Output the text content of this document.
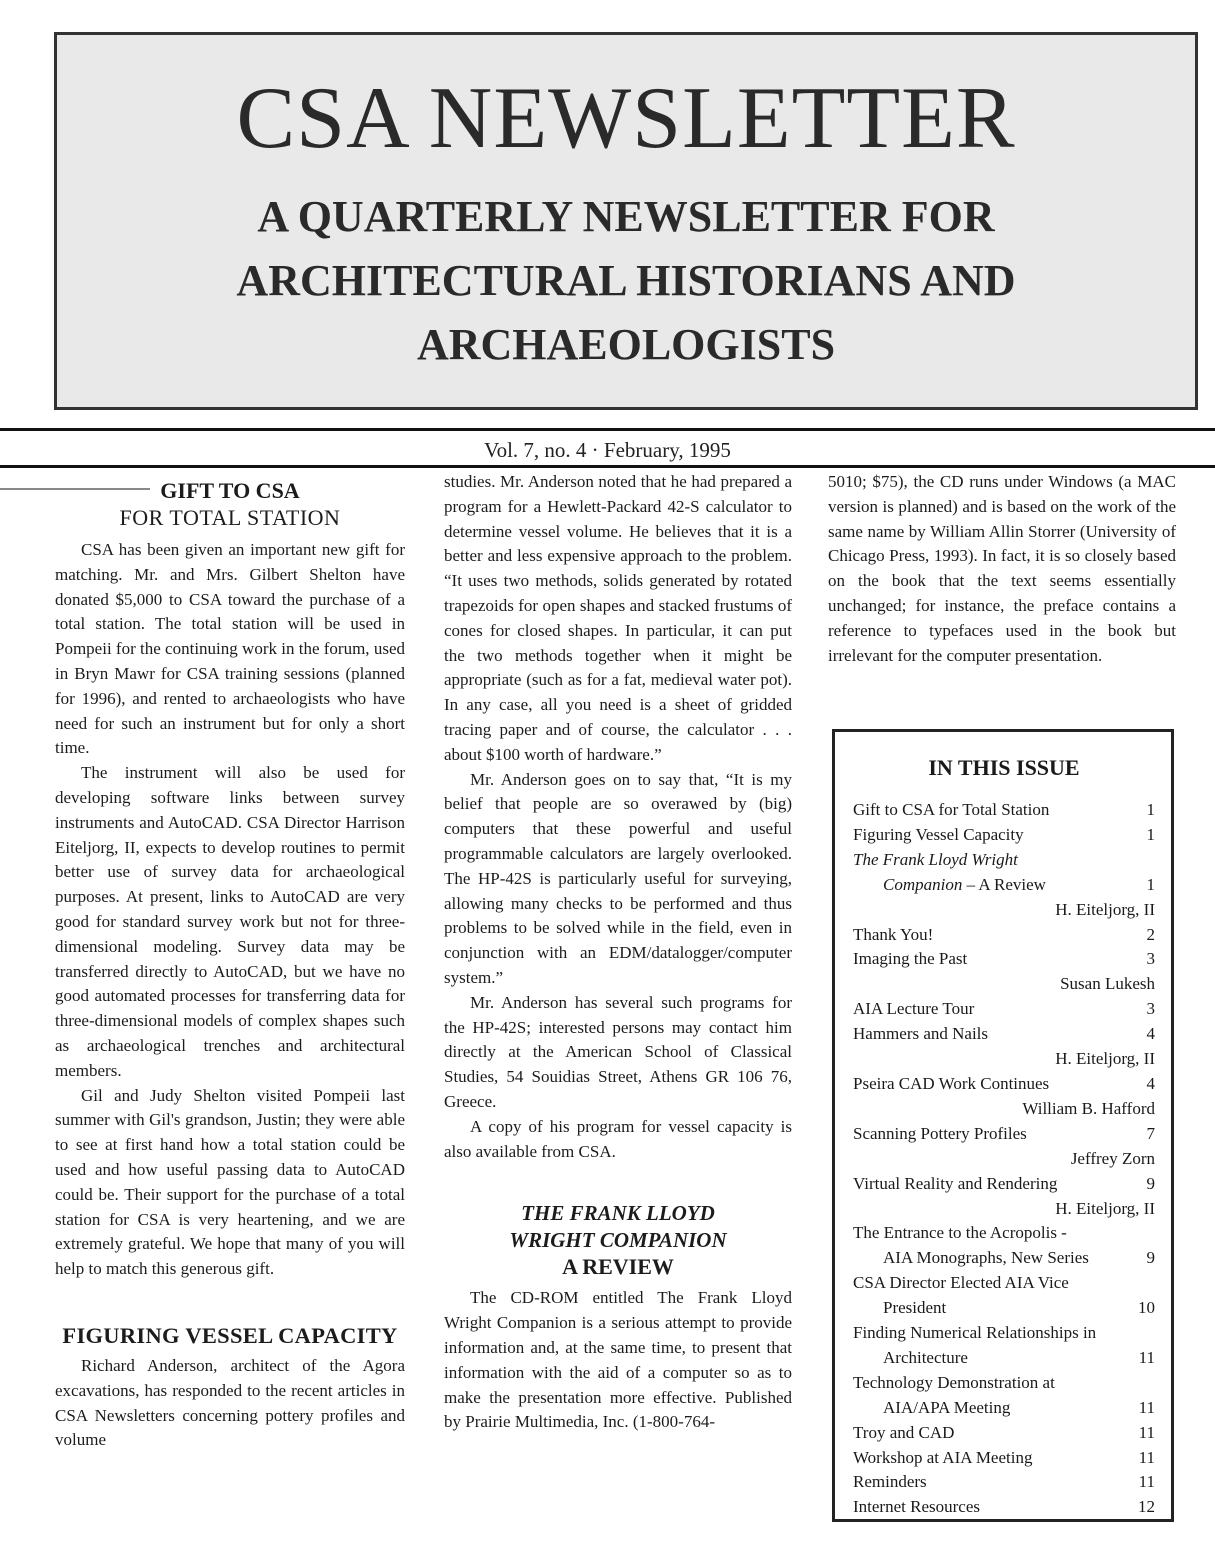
CSA NEWSLETTER
A QUARTERLY NEWSLETTER FOR ARCHITECTURAL HISTORIANS AND ARCHAEOLOGISTS
Vol. 7, no. 4 · February, 1995
GIFT TO CSA
FOR TOTAL STATION

CSA has been given an important new gift for matching. Mr. and Mrs. Gilbert Shelton have donated $5,000 to CSA toward the purchase of a total station. The total station will be used in Pompeii for the continuing work in the forum, used in Bryn Mawr for CSA training sessions (planned for 1996), and rented to archaeologists who have need for such an instrument but for only a short time.

The instrument will also be used for developing software links between survey instruments and AutoCAD. CSA Director Harrison Eiteljorg, II, expects to develop routines to permit better use of survey data for archaeological purposes. At present, links to AutoCAD are very good for standard survey work but not for three-dimensional modeling. Survey data may be transferred directly to AutoCAD, but we have no good automated processes for transferring data for three-dimensional models of complex shapes such as archaeological trenches and architectural members.

Gil and Judy Shelton visited Pompeii last summer with Gil's grandson, Justin; they were able to see at first hand how a total station could be used and how useful passing data to AutoCAD could be. Their support for the purchase of a total station for CSA is very heartening, and we are extremely grateful. We hope that many of you will help to match this generous gift.

FIGURING VESSEL CAPACITY

Richard Anderson, architect of the Agora excavations, has responded to the recent articles in CSA Newsletters concerning pottery profiles and volume

studies. Mr. Anderson noted that he had prepared a program for a Hewlett-Packard 42-S calculator to determine vessel volume. He believes that it is a better and less expensive approach to the problem. “It uses two methods, solids generated by rotated trapezoids for open shapes and stacked frustums of cones for closed shapes. In particular, it can put the two methods together when it might be appropriate (such as for a fat, medieval water pot). In any case, all you need is a sheet of gridded tracing paper and of course, the calculator . . . about $100 worth of hardware.”

Mr. Anderson goes on to say that, “It is my belief that people are so overawed by (big) computers that these powerful and useful programmable calculators are largely overlooked. The HP-42S is particularly useful for surveying, allowing many checks to be performed and thus problems to be solved while in the field, even in conjunction with an EDM/datalogger/computer system.”

Mr. Anderson has several such programs for the HP-42S; interested persons may contact him directly at the American School of Classical Studies, 54 Souidias Street, Athens GR 106 76, Greece.

A copy of his program for vessel capacity is also available from CSA.

THE FRANK LLOYD
WRIGHT COMPANION
A REVIEW

The CD-ROM entitled The Frank Lloyd Wright Companion is a serious attempt to provide information and, at the same time, to present that information with the aid of a computer so as to make the presentation more effective. Published by Prairie Multimedia, Inc. (1-800-764-

5010; $75), the CD runs under Windows (a MAC version is planned) and is based on the work of the same name by William Allin Storrer (University of Chicago Press, 1993). In fact, it is so closely based on the book that the text seems essentially unchanged; for instance, the preface contains a reference to typefaces used in the book but irrelevant for the computer presentation.

IN THIS ISSUE
Gift to CSA for Total Station	1
Figuring Vessel Capacity	1
The Frank Lloyd Wright
Companion – A Review	1
H. Eiteljorg, II
Thank You!	2
Imaging the Past	3
Susan Lukesh
AIA Lecture Tour	3
Hammers and Nails	4
H. Eiteljorg, II
Pseira CAD Work Continues	4
William B. Hafford
Scanning Pottery Profiles	7
Jeffrey Zorn
Virtual Reality and Rendering	9
H. Eiteljorg, II
The Entrance to the Acropolis -
AIA Monographs, New Series	9
CSA Director Elected AIA Vice
President	10
Finding Numerical Relationships in
Architecture	11
Technology Demonstration at
AIA/APA Meeting	11
Troy and CAD	11
Workshop at AIA Meeting	11
Reminders	11
Internet Resources	12
